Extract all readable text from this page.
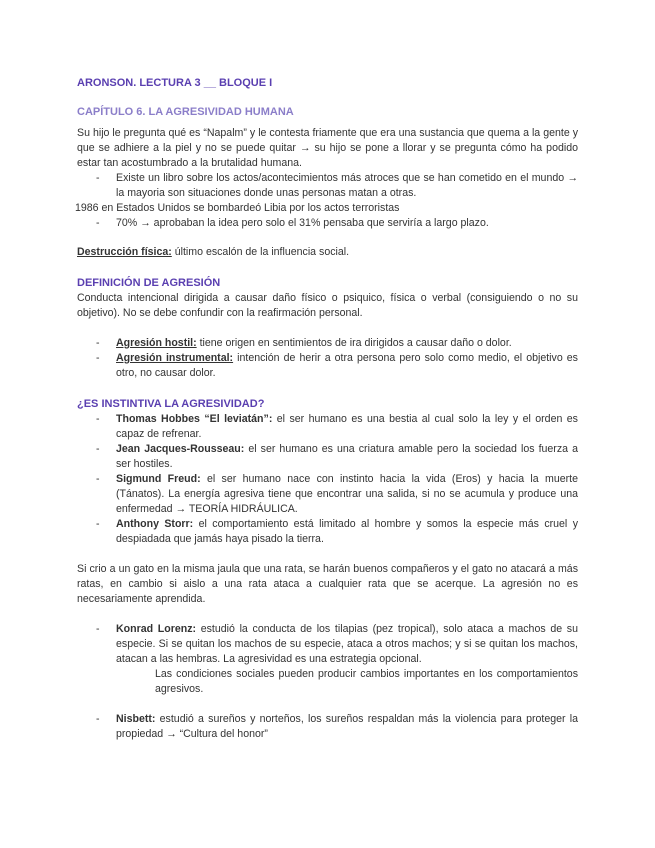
ARONSON. LECTURA 3 __ BLOQUE I

CAPÍTULO 6. LA AGRESIVIDAD HUMANA

Su hijo le pregunta qué es “Napalm” y le contesta friamente que era una sustancia que quema a la gente y que se adhiere a la piel y no se puede quitar → su hijo se pone a llorar y se pregunta cómo ha podido estar tan acostumbrado a la brutalidad humana.

- Existe un libro sobre los actos/acontecimientos más atroces que se han cometido en el mundo → la mayoria son situaciones donde unas personas matan a otras.

1986 en Estados Unidos se bombardeó Libia por los actos terroristas

- 70% → aprobaban la idea pero solo el 31% pensaba que serviría a largo plazo.

Destrucción física: último escalón de la influencia social.

DEFINICIÓN DE AGRESIÓN

Conducta intencional dirigida a causar daño físico o psiquico, física o verbal (consiguiendo o no su objetivo). No se debe confundir con la reafirmación personal.

- Agresión hostil: tiene origen en sentimientos de ira dirigidos a causar daño o dolor.
- Agresión instrumental: intención de herir a otra persona pero solo como medio, el objetivo es otro, no causar dolor.

¿ES INSTINTIVA LA AGRESIVIDAD?

- Thomas Hobbes “El leviatán”: el ser humano es una bestia al cual solo la ley y el orden es capaz de refrenar.
- Jean Jacques-Rousseau: el ser humano es una criatura amable pero la sociedad los fuerza a ser hostiles.
- Sigmund Freud: el ser humano nace con instinto hacia la vida (Eros) y hacia la muerte (Tánatos). La energía agresiva tiene que encontrar una salida, si no se acumula y produce una enfermedad → TEORÍA HIDRÁULICA.
- Anthony Storr: el comportamiento está limitado al hombre y somos la especie más cruel y despiadada que jamás haya pisado la tierra.

Si crio a un gato en la misma jaula que una rata, se harán buenos compañeros y el gato no atacará a más ratas, en cambio si aislo a una rata ataca a cualquier rata que se acerque. La agresión no es necesariamente aprendida.

- Konrad Lorenz: estudió la conducta de los tilapias (pez tropical), solo ataca a machos de su especie. Si se quitan los machos de su especie, ataca a otros machos; y si se quitan los machos, atacan a las hembras. La agresividad es una estrategia opcional.

Las condiciones sociales pueden producir cambios importantes en los comportamientos agresivos.

- Nisbett: estudió a sureños y norteños, los sureños respaldan más la violencia para proteger la propiedad → “Cultura del honor”
